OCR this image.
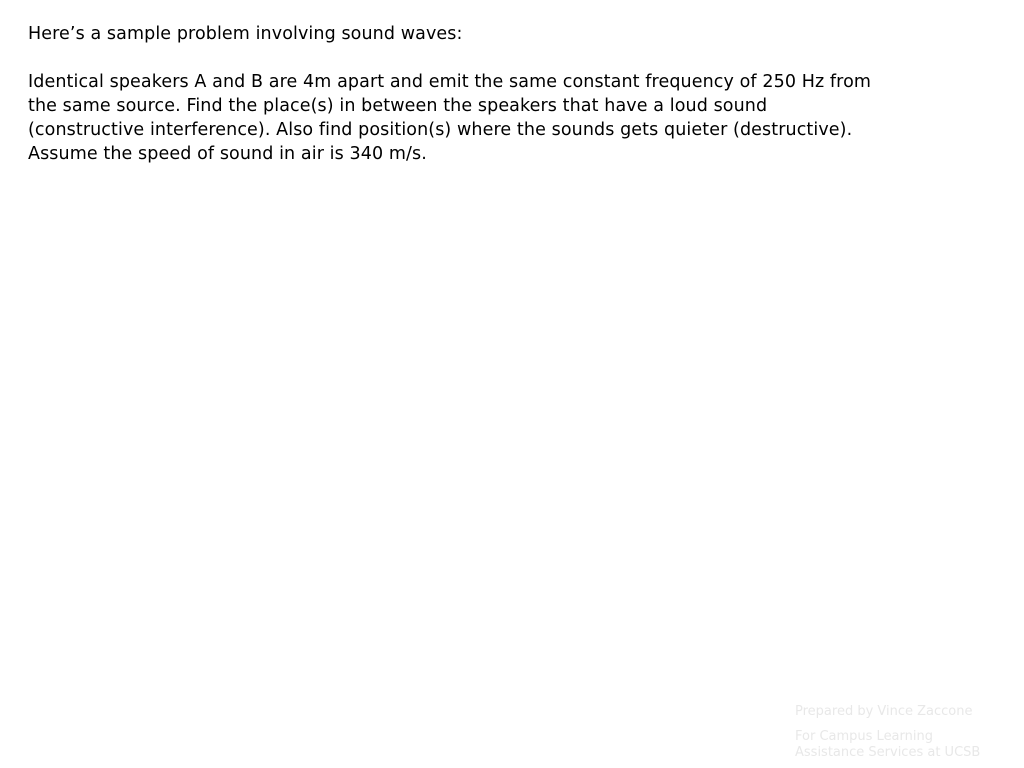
Here’s a sample problem involving sound waves:

Identical speakers A and B are 4m apart and emit the same constant frequency of 250 Hz from

the same source. Find the place(s) in between the speakers that have a loud sound

(constructive interference). Also find position(s) where the sounds gets quieter (destructive).

Assume the speed of sound in air is 340 m/s.

Prepared by Vince Zaccone

For Campus Learning

Assistance Services at UCSB
